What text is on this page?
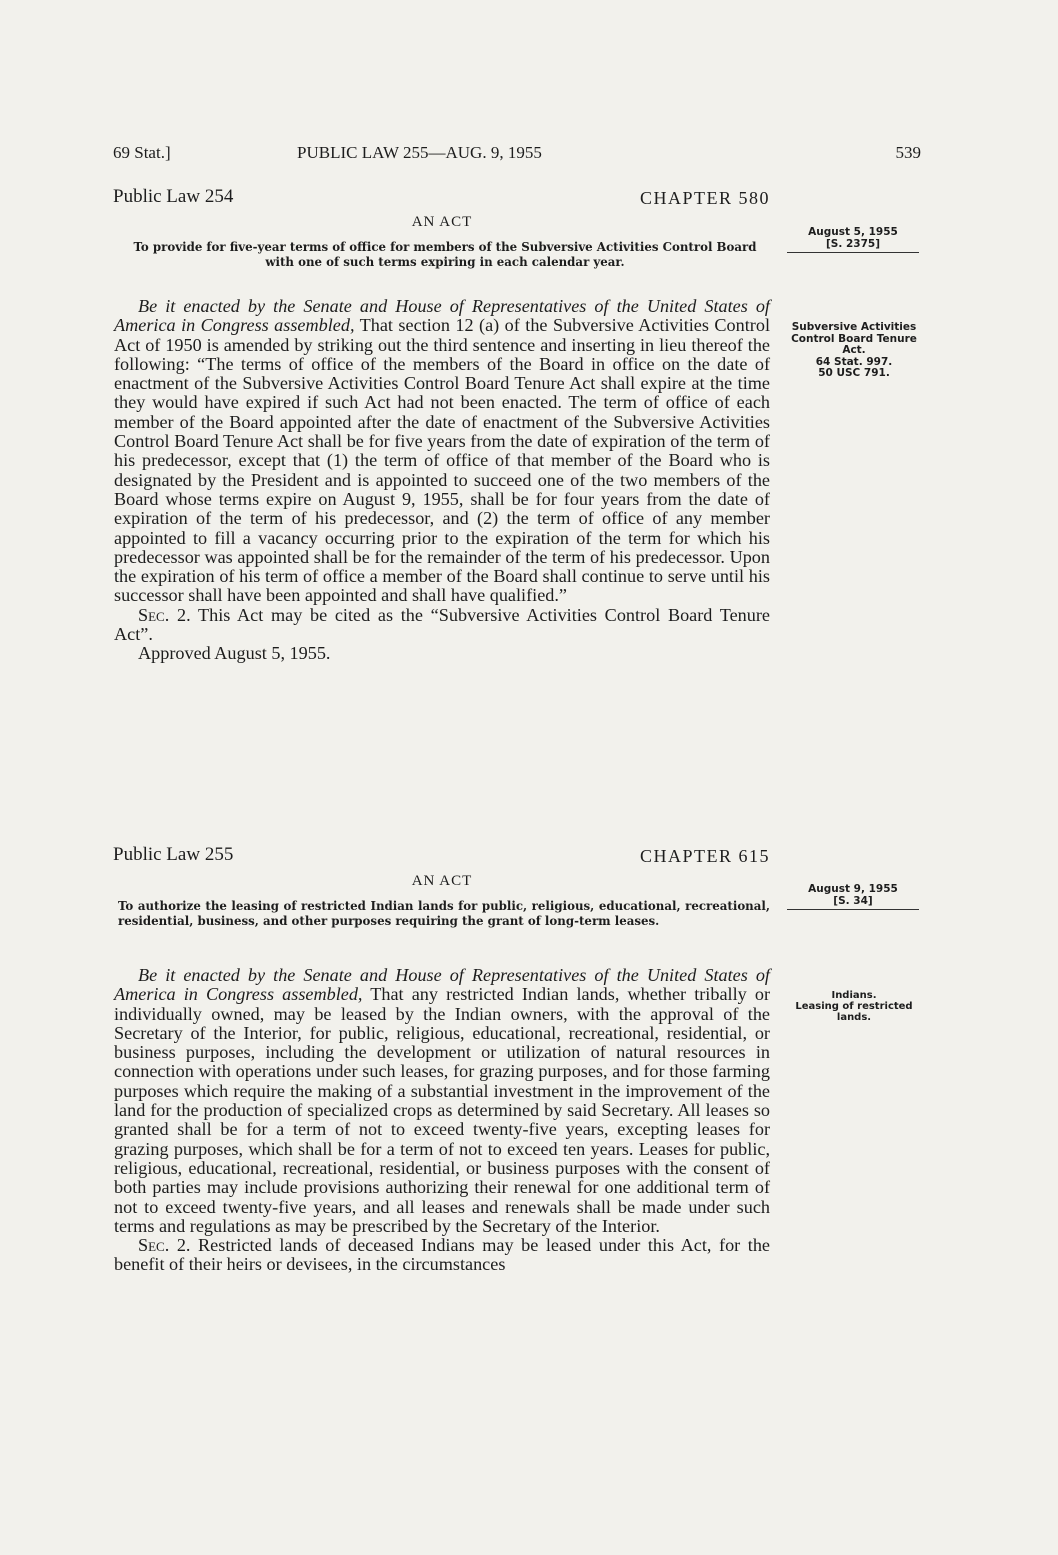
69 Stat.]	PUBLIC LAW 255—AUG. 9, 1955	539
Public Law 254	CHAPTER 580
AN ACT
To provide for five-year terms of office for members of the Subversive Activities Control Board with one of such terms expiring in each calendar year.
August 5, 1955
[S. 2375]

Be it enacted by the Senate and House of Representatives of the United States of America in Congress assembled, That section 12 (a) of the Subversive Activities Control Act of 1950 is amended by striking out the third sentence and inserting in lieu thereof the following: “The terms of office of the members of the Board in office on the date of enactment of the Subversive Activities Control Board Tenure Act shall expire at the time they would have expired if such Act had not been enacted. The term of office of each member of the Board appointed after the date of enactment of the Subversive Activities Control Board Tenure Act shall be for five years from the date of expiration of the term of his predecessor, except that (1) the term of office of that member of the Board who is designated by the President and is appointed to succeed one of the two members of the Board whose terms expire on August 9, 1955, shall be for four years from the date of expiration of the term of his predecessor, and (2) the term of office of any member appointed to fill a vacancy occurring prior to the expiration of the term for which his predecessor was appointed shall be for the remainder of the term of his predecessor. Upon the expiration of his term of office a member of the Board shall continue to serve until his successor shall have been appointed and shall have qualified.”

Sec. 2. This Act may be cited as the “Subversive Activities Control Board Tenure Act”.

Approved August 5, 1955.

Subversive Activities Control Board Tenure Act.
64 Stat. 997.
50 USC 791.
Public Law 255	CHAPTER 615
AN ACT
To authorize the leasing of restricted Indian lands for public, religious, educational, recreational, residential, business, and other purposes requiring the grant of long-term leases.
August 9, 1955
[S. 34]

Be it enacted by the Senate and House of Representatives of the United States of America in Congress assembled, That any restricted Indian lands, whether tribally or individually owned, may be leased by the Indian owners, with the approval of the Secretary of the Interior, for public, religious, educational, recreational, residential, or business purposes, including the development or utilization of natural resources in connection with operations under such leases, for grazing purposes, and for those farming purposes which require the making of a substantial investment in the improvement of the land for the production of specialized crops as determined by said Secretary. All leases so granted shall be for a term of not to exceed twenty-five years, excepting leases for grazing purposes, which shall be for a term of not to exceed ten years. Leases for public, religious, educational, recreational, residential, or business purposes with the consent of both parties may include provisions authorizing their renewal for one additional term of not to exceed twenty-five years, and all leases and renewals shall be made under such terms and regulations as may be prescribed by the Secretary of the Interior.

Sec. 2. Restricted lands of deceased Indians may be leased under this Act, for the benefit of their heirs or devisees, in the circumstances

Indians.
Leasing of restricted lands.
